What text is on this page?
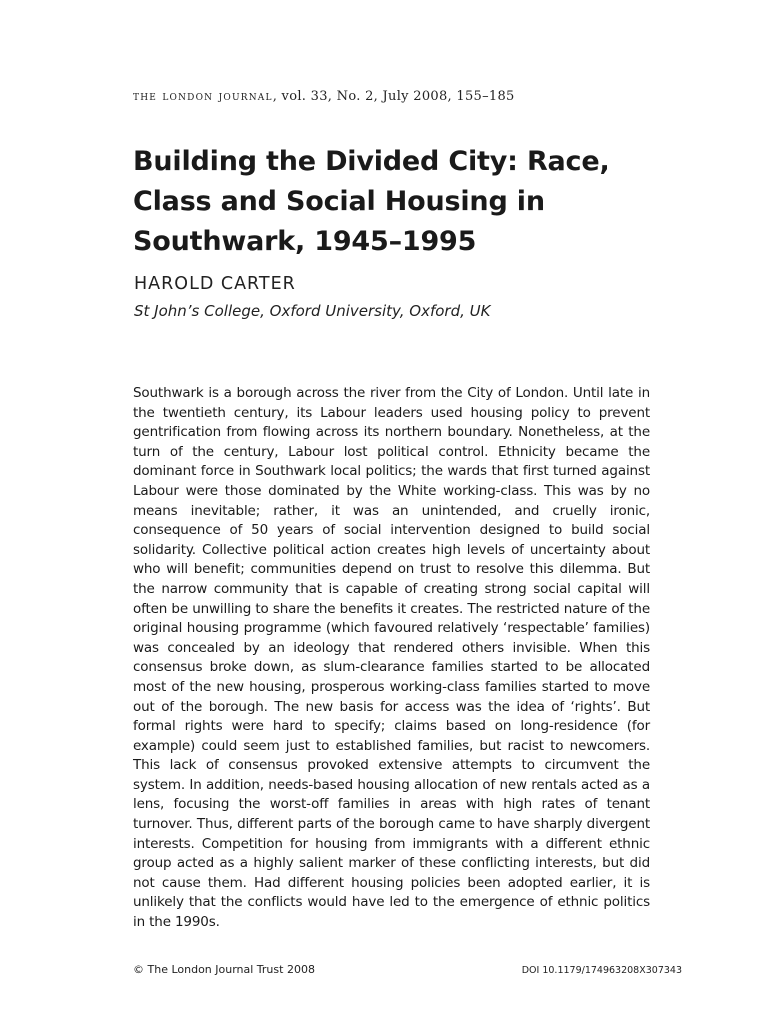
the london journal, vol. 33, No. 2, July 2008, 155–185
Building the Divided City: Race, Class and Social Housing in Southwark, 1945–1995
HAROLD CARTER
St John’s College, Oxford University, Oxford, UK

Southwark is a borough across the river from the City of London. Until late in the twentieth century, its Labour leaders used housing policy to prevent gentrification from flowing across its northern boundary. Nonetheless, at the turn of the century, Labour lost political control. Ethnicity became the dominant force in Southwark local politics; the wards that first turned against Labour were those dominated by the White working-class. This was by no means inevitable; rather, it was an unintended, and cruelly ironic, consequence of 50 years of social intervention designed to build social solidarity. Collective political action creates high levels of uncertainty about who will benefit; communities depend on trust to resolve this dilemma. But the narrow community that is capable of creating strong social capital will often be unwilling to share the benefits it creates. The restricted nature of the original housing programme (which favoured relatively ‘respectable’ families) was concealed by an ideology that rendered others invisible. When this consensus broke down, as slum-clearance families started to be allocated most of the new housing, prosperous working-class families started to move out of the borough. The new basis for access was the idea of ‘rights’. But formal rights were hard to specify; claims based on long-residence (for example) could seem just to established families, but racist to newcomers. This lack of consensus provoked extensive attempts to circumvent the system. In addition, needs-based housing allocation of new rentals acted as a lens, focusing the worst-off families in areas with high rates of tenant turnover. Thus, different parts of the borough came to have sharply divergent interests. Competition for housing from immigrants with a different ethnic group acted as a highly salient marker of these conflicting interests, but did not cause them. Had different housing policies been adopted earlier, it is unlikely that the conflicts would have led to the emergence of ethnic politics in the 1990s.

© The London Journal Trust 2008	DOI 10.1179/174963208X307343
